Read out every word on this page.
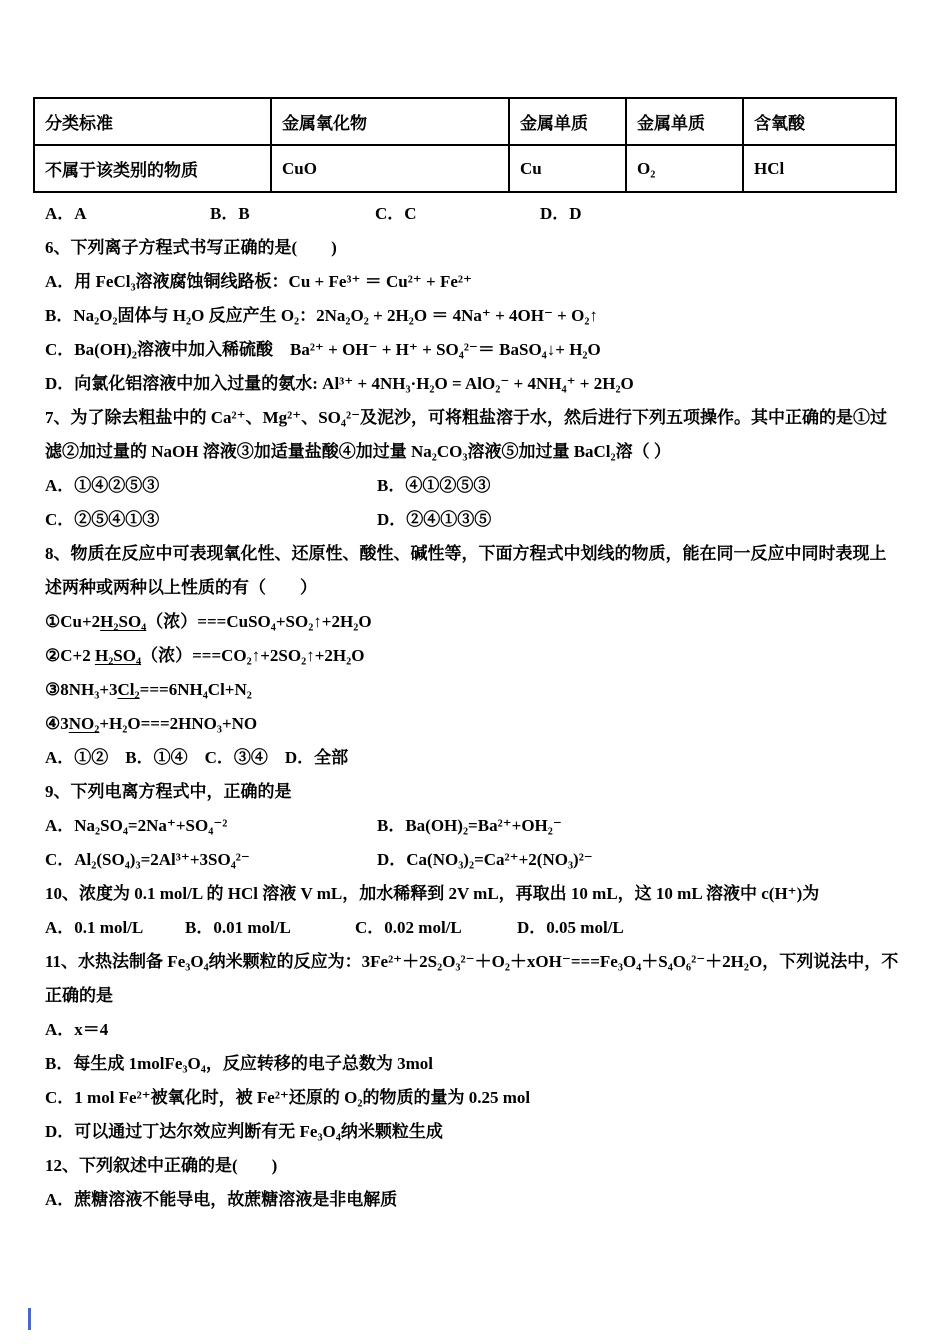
分类标准	金属氧化物	金属单质	金属单质	含氧酸
不属于该类别的物质	CuO	Cu	O₂	HCl

A．A	B．B	C．C	D．D

6、下列离子方程式书写正确的是(　　)

A．用 FeCl₃溶液腐蚀铜线路板：Cu + Fe³⁺ ＝ Cu²⁺ + Fe²⁺

B．Na₂O₂固体与 H₂O 反应产生 O₂：2Na₂O₂ + 2H₂O ＝ 4Na⁺ + 4OH⁻ + O₂↑

C．Ba(OH)₂溶液中加入稀硫酸　Ba²⁺ + OH⁻ + H⁺ + SO₄²⁻＝ BaSO₄↓+ H₂O

D．向氯化铝溶液中加入过量的氨水: Al³⁺ + 4NH₃·H₂O = AlO₂⁻ + 4NH₄⁺ + 2H₂O

7、为了除去粗盐中的 Ca²⁺、Mg²⁺、SO₄²⁻及泥沙，可将粗盐溶于水，然后进行下列五项操作。其中正确的是①过滤②加过量的 NaOH 溶液③加适量盐酸④加过量 Na₂CO₃溶液⑤加过量 BaCl₂溶（ ）

A．①④②⑤③	B．④①②⑤③

C．②⑤④①③	D．②④①③⑤

8、物质在反应中可表现氧化性、还原性、酸性、碱性等，下面方程式中划线的物质，能在同一反应中同时表现上述两种或两种以上性质的有（　　）

①Cu+2H₂SO₄（浓）===CuSO₄+SO₂↑+2H₂O

②C+2 H₂SO₄（浓）===CO₂↑+2SO₂↑+2H₂O

③8NH₃+3Cl₂===6NH₄Cl+N₂

④3NO₂+H₂O===2HNO₃+NO

A．①②　B．①④　C．③④　D．全部

9、下列电离方程式中，正确的是

A．Na₂SO₄=2Na⁺+SO₄⁻²	B．Ba(OH)₂=Ba²⁺+OH₂⁻

C．Al₂(SO₄)₃=2Al³⁺+3SO₄²⁻	D．Ca(NO₃)₂=Ca²⁺+2(NO₃)²⁻

10、浓度为 0.1 mol/L 的 HCl 溶液 V mL，加水稀释到 2V mL，再取出 10 mL，这 10 mL 溶液中 c(H⁺)为

A．0.1 mol/L B．0.01 mol/L	C．0.02 mol/L	D．0.05 mol/L

11、水热法制备 Fe₃O₄纳米颗粒的反应为：3Fe²⁺＋2S₂O₃²⁻＋O₂＋xOH⁻===Fe₃O₄＋S₄O₆²⁻＋2H₂O，下列说法中，不正确的是

A．x＝4

B．每生成 1molFe₃O₄，反应转移的电子总数为 3mol

C．1 mol Fe²⁺被氧化时，被 Fe²⁺还原的 O₂的物质的量为 0.25 mol

D．可以通过丁达尔效应判断有无 Fe₃O₄纳米颗粒生成

12、下列叙述中正确的是(　　)

A．蔗糖溶液不能导电，故蔗糖溶液是非电解质
